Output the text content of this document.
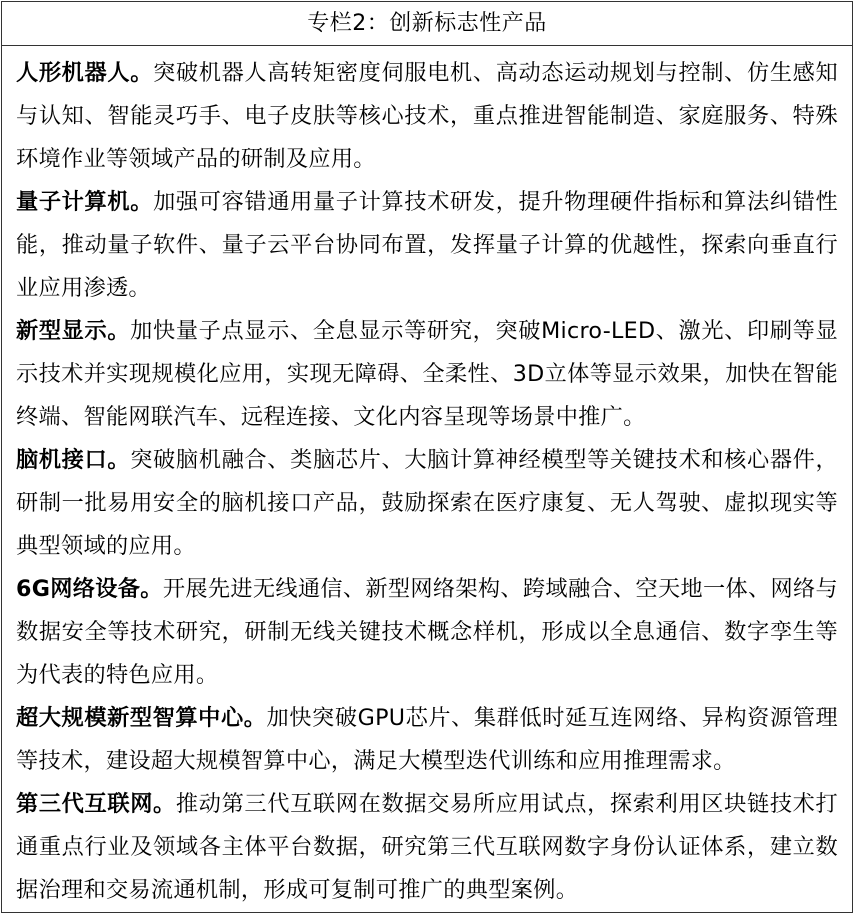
专栏2：创新标志性产品

人形机器人。突破机器人高转矩密度伺服电机、高动态运动规划与控制、仿生感知与认知、智能灵巧手、电子皮肤等核心技术，重点推进智能制造、家庭服务、特殊环境作业等领域产品的研制及应用。

量子计算机。加强可容错通用量子计算技术研发，提升物理硬件指标和算法纠错性能，推动量子软件、量子云平台协同布置，发挥量子计算的优越性，探索向垂直行业应用渗透。

新型显示。加快量子点显示、全息显示等研究，突破Micro-LED、激光、印刷等显示技术并实现规模化应用，实现无障碍、全柔性、3D立体等显示效果，加快在智能终端、智能网联汽车、远程连接、文化内容呈现等场景中推广。

脑机接口。突破脑机融合、类脑芯片、大脑计算神经模型等关键技术和核心器件，研制一批易用安全的脑机接口产品，鼓励探索在医疗康复、无人驾驶、虚拟现实等典型领域的应用。

6G网络设备。开展先进无线通信、新型网络架构、跨域融合、空天地一体、网络与数据安全等技术研究，研制无线关键技术概念样机，形成以全息通信、数字孪生等为代表的特色应用。

超大规模新型智算中心。加快突破GPU芯片、集群低时延互连网络、异构资源管理等技术，建设超大规模智算中心，满足大模型迭代训练和应用推理需求。

第三代互联网。推动第三代互联网在数据交易所应用试点，探索利用区块链技术打通重点行业及领域各主体平台数据，研究第三代互联网数字身份认证体系，建立数据治理和交易流通机制，形成可复制可推广的典型案例。
